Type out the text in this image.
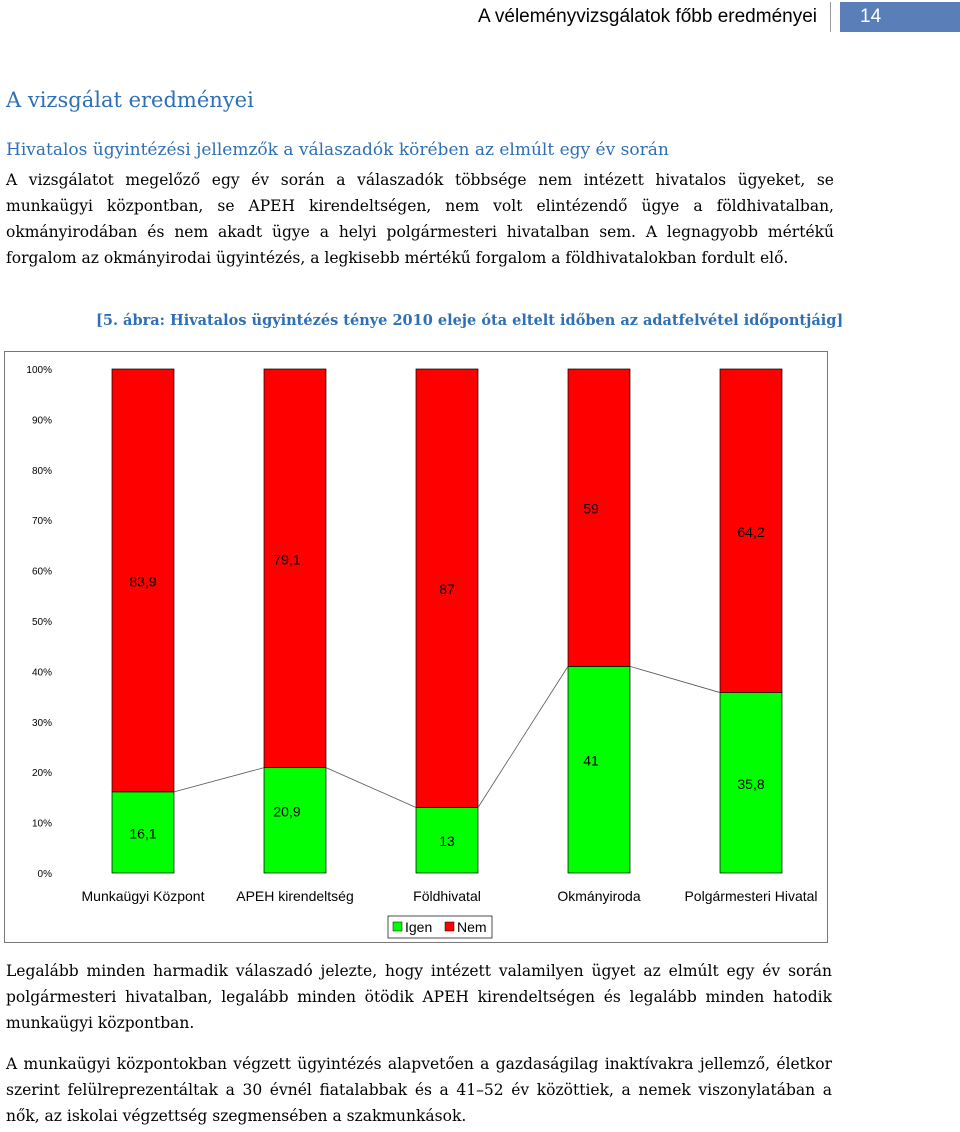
A véleményvizsgálatok főbb eredményei	14
A vizsgálat eredményei
Hivatalos ügyintézési jellemzők a válaszadók körében az elmúlt egy év során
A vizsgálatot megelőző egy év során a válaszadók többsége nem intézett hivatalos ügyeket, se munkaügyi központban, se APEH kirendeltségen, nem volt elintézendő ügye a földhivatalban, okmányirodában és nem akadt ügye a helyi polgármesteri hivatalban sem. A legnagyobb mértékű forgalom az okmányirodai ügyintézés, a legkisebb mértékű forgalom a földhivatalokban fordult elő.
[5. ábra: Hivatalos ügyintézés ténye 2010 eleje óta eltelt időben az adatfelvétel időpontjáig]
0%
10%
20%
30%
40%
50%
60%
70%
80%
90%
100%
16,1
83,9
20,9
79,1
13
87
41
59
35,8
64,2
Munkaügyi Központ APEH kirendeltség	Földhivatal	Okmányiroda	Polgármesteri Hivatal
Igen Nem
Legalább minden harmadik válaszadó jelezte, hogy intézett valamilyen ügyet az elmúlt egy év során polgármesteri hivatalban, legalább minden ötödik APEH kirendeltségen és legalább minden hatodik munkaügyi központban.
A munkaügyi központokban végzett ügyintézés alapvetően a gazdaságilag inaktívakra jellemző, életkor szerint felülreprezentáltak a 30 évnél fiatalabbak és a 41–52 év közöttiek, a nemek viszonylatában a nők, az iskolai végzettség szegmensében a szakmunkások.
